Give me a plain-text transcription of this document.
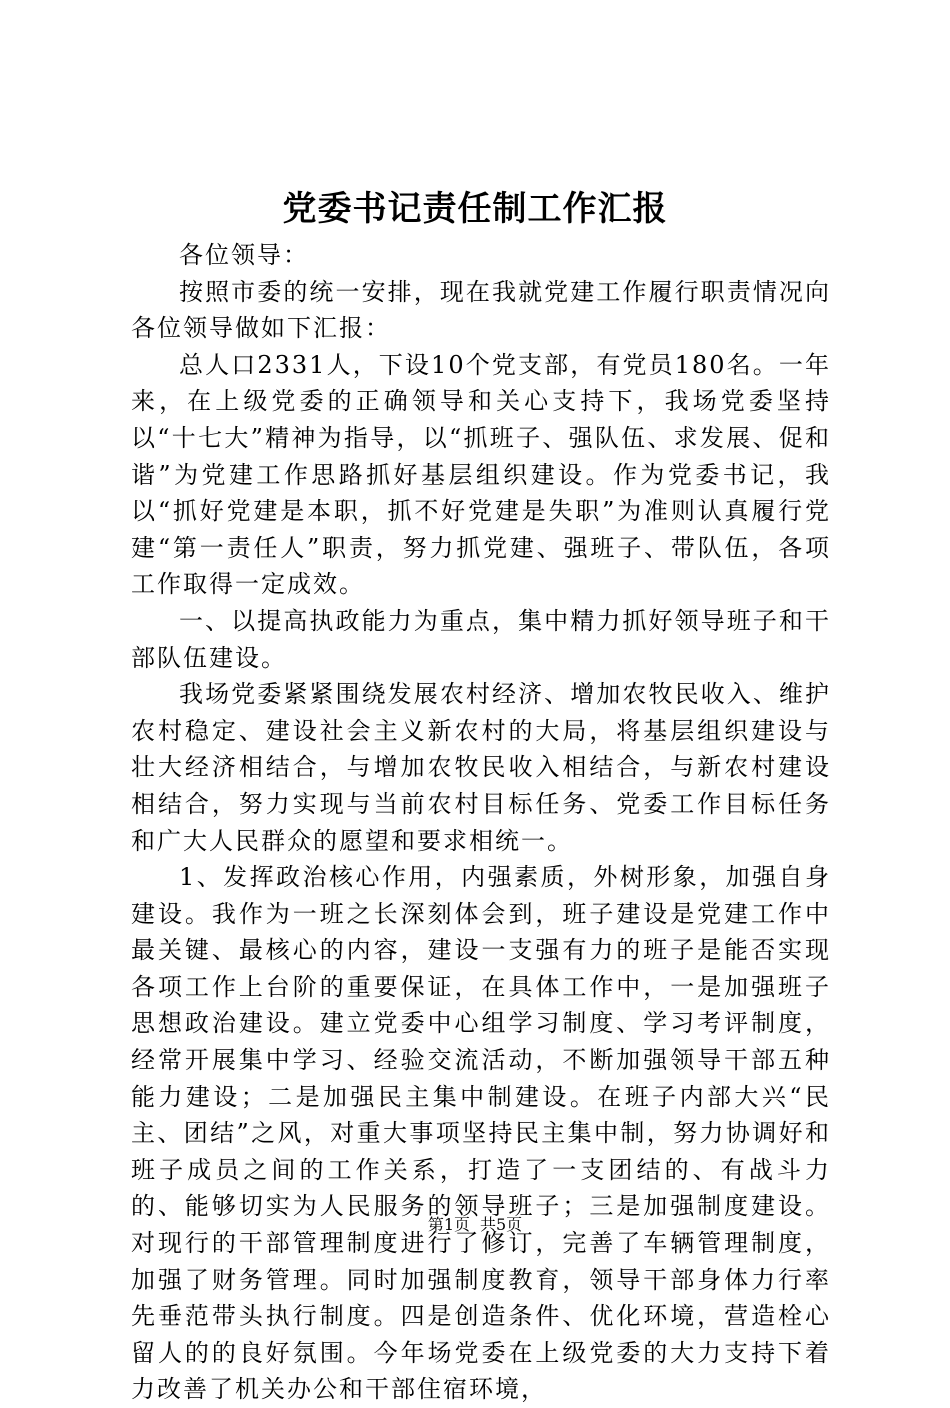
党委书记责任制工作汇报

各位领导：

按照市委的统一安排，现在我就党建工作履行职责情况向各位领导做如下汇报：

总人口2331人，下设10个党支部，有党员180名。一年来，在上级党委的正确领导和关心支持下，我场党委坚持以“十七大”精神为指导，以“抓班子、强队伍、求发展、促和谐”为党建工作思路抓好基层组织建设。作为党委书记，我以“抓好党建是本职，抓不好党建是失职”为准则认真履行党建“第一责任人”职责，努力抓党建、强班子、带队伍，各项工作取得一定成效。

一、以提高执政能力为重点，集中精力抓好领导班子和干部队伍建设。

我场党委紧紧围绕发展农村经济、增加农牧民收入、维护农村稳定、建设社会主义新农村的大局，将基层组织建设与壮大经济相结合，与增加农牧民收入相结合，与新农村建设相结合，努力实现与当前农村目标任务、党委工作目标任务和广大人民群众的愿望和要求相统一。

1、发挥政治核心作用，内强素质，外树形象，加强自身建设。我作为一班之长深刻体会到，班子建设是党建工作中最关键、最核心的内容，建设一支强有力的班子是能否实现各项工作上台阶的重要保证，在具体工作中，一是加强班子思想政治建设。建立党委中心组学习制度、学习考评制度，经常开展集中学习、经验交流活动，不断加强领导干部五种能力建设；二是加强民主集中制建设。在班子内部大兴“民主、团结”之风，对重大事项坚持民主集中制，努力协调好和班子成员之间的工作关系，打造了一支团结的、有战斗力的、能够切实为人民服务的领导班子；三是加强制度建设。对现行的干部管理制度进行了修订，完善了车辆管理制度，加强了财务管理。同时加强制度教育，领导干部身体力行率先垂范带头执行制度。四是创造条件、优化环境，营造栓心留人的的良好氛围。今年场党委在上级党委的大力支持下着力改善了机关办公和干部住宿环境，

第1页 共5页
